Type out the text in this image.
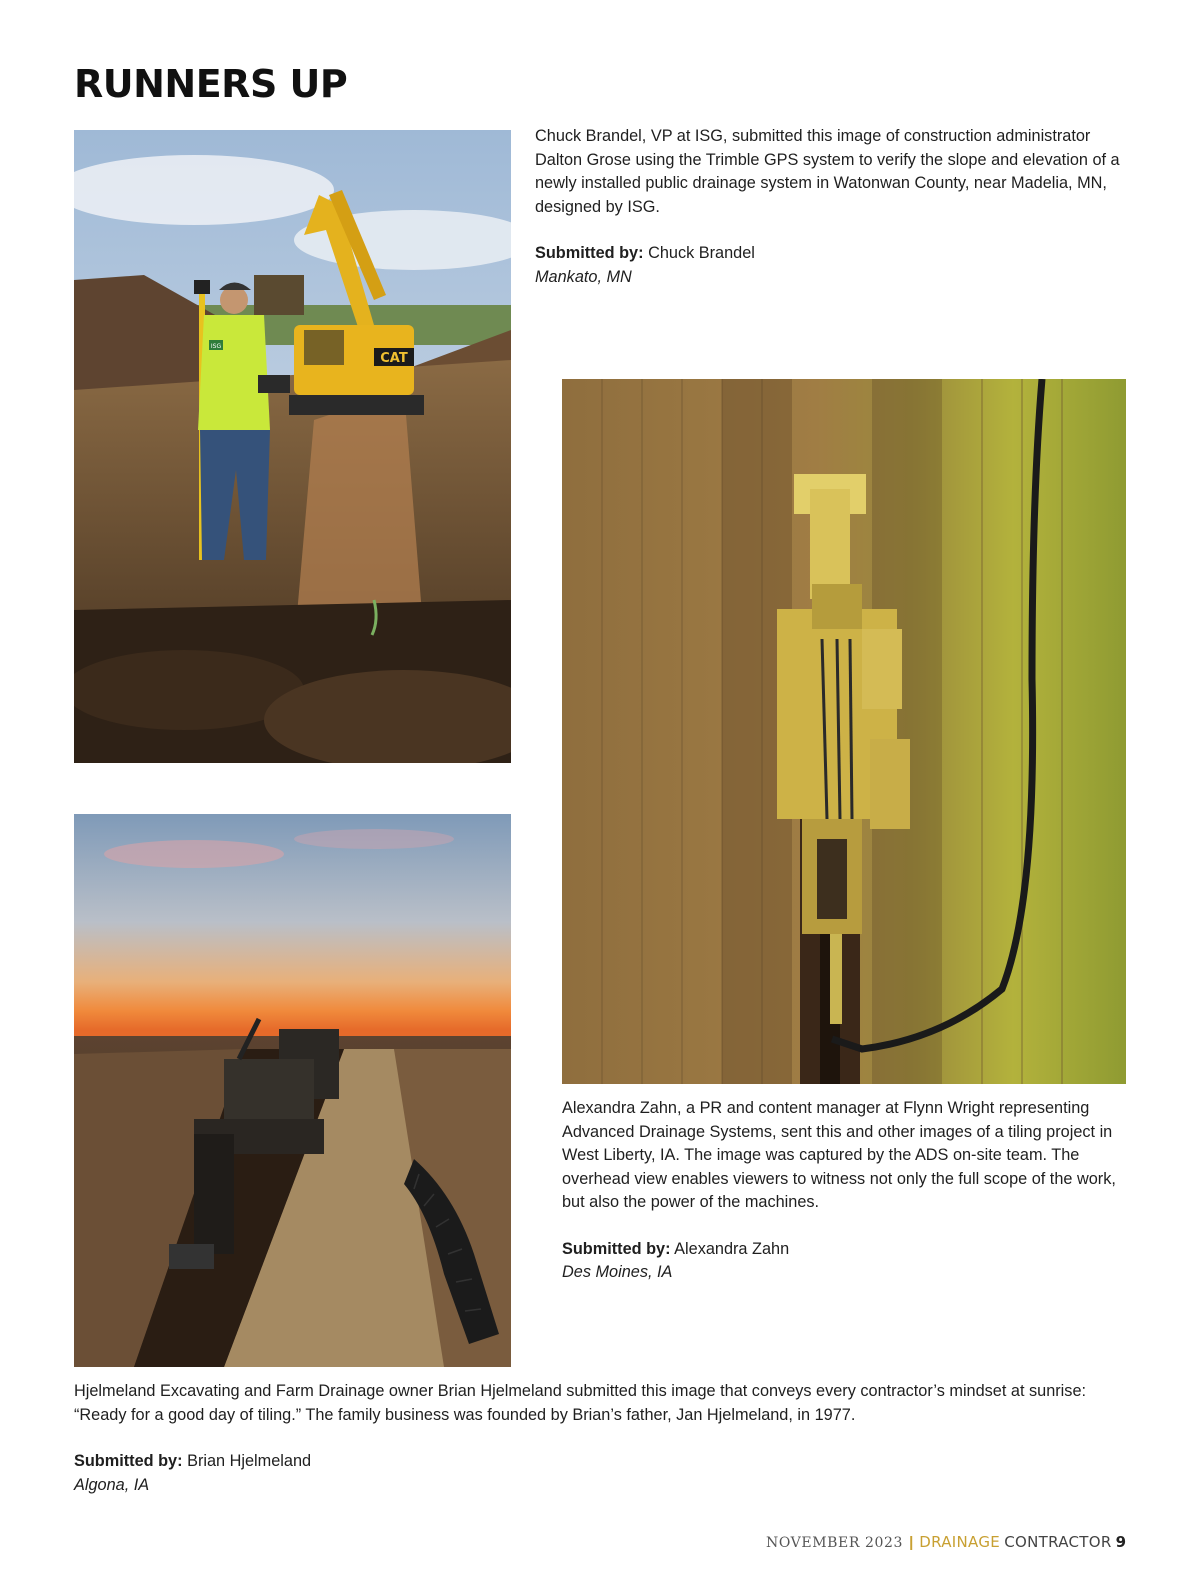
RUNNERS UP
CAT
ISG

Chuck Brandel, VP at ISG, submitted this image of construction administrator Dalton Grose using the Trimble GPS system to verify the slope and elevation of a newly installed public drainage system in Watonwan County, near Madelia, MN, designed by ISG.

Submitted by: Chuck Brandel

Mankato, MN

Alexandra Zahn, a PR and content manager at Flynn Wright representing Advanced Drainage Systems, sent this and other images of a tiling project in West Liberty, IA. The image was captured by the ADS on-site team. The overhead view enables viewers to witness not only the full scope of the work, but also the power of the machines.

Submitted by: Alexandra Zahn

Des Moines, IA

Hjelmeland Excavating and Farm Drainage owner Brian Hjelmeland submitted this image that conveys every contractor’s mindset at sunrise: “Ready for a good day of tiling.” The family business was founded by Brian’s father, Jan Hjelmeland, in 1977.

Submitted by: Brian Hjelmeland

Algona, IA

NOVEMBER 2023 | DRAINAGE CONTRACTOR 9
